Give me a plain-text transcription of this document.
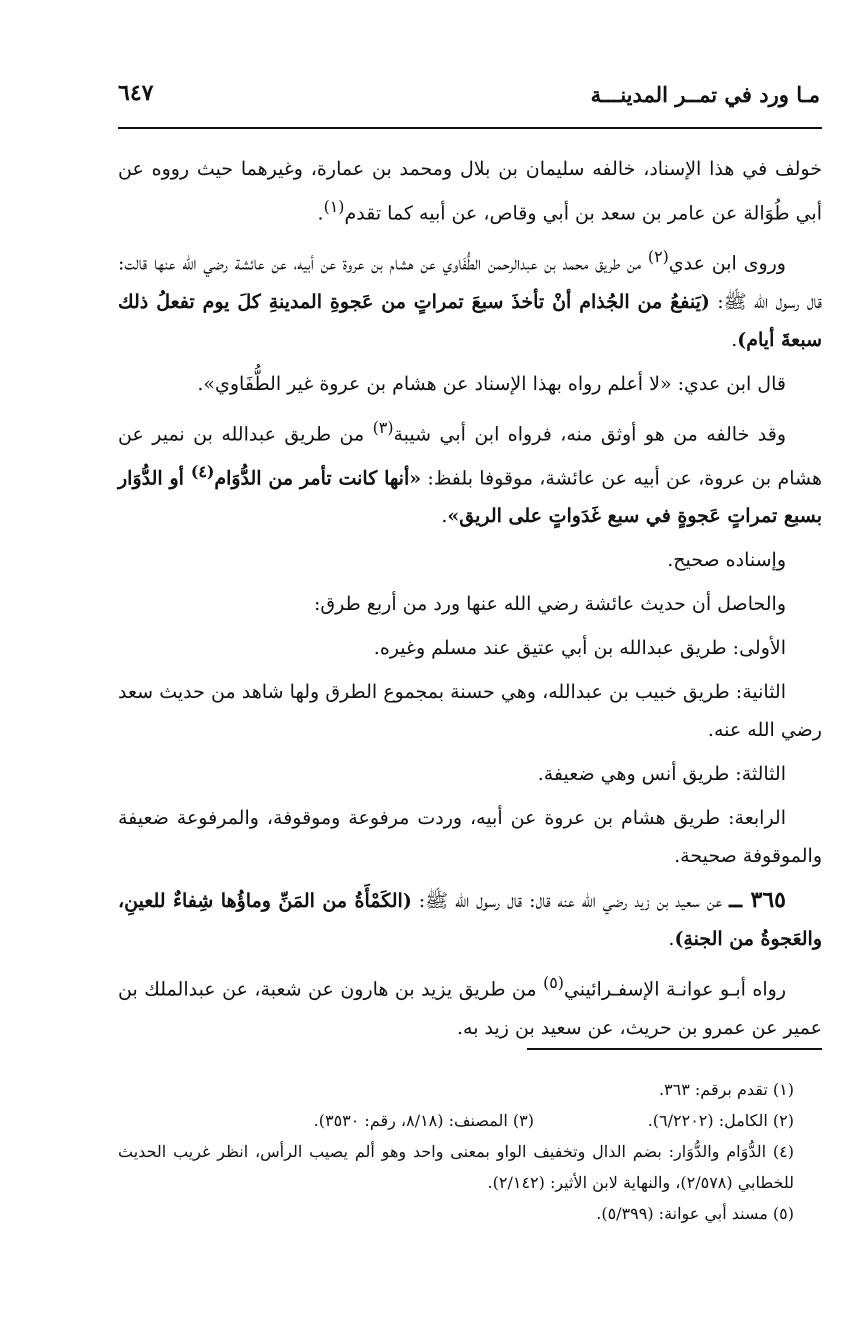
مـا ورد في تمــر المدينـــة
٦٤٧

خولف في هذا الإسناد، خالفه سليمان بن بلال ومحمد بن عمارة، وغيرهما حيث رووه عن أبي طُوَالة عن عامر بن سعد بن أبي وقاص، عن أبيه كما تقدم$^{(١)}$.

وروى ابن عدي$^{(٢)}$ من طريق محمد بن عبدالرحمن الطُّفَاوي عن هشام بن عروة عن أبيه، عن عائشة رضي الله عنها قالت: قال رسول الله ﷺ: (يَنفعُ من الجُذام أنْ تأخذَ سبعَ تمراتٍ من عَجوةِ المدينةِ كلَ يوم تفعلُ ذلك سبعةَ أيام).

قال ابن عدي: «لا أعلم رواه بهذا الإسناد عن هشام بن عروة غير الطُّفَاوي».

وقد خالفه من هو أوثق منه، فرواه ابن أبي شيبة$^{(٣)}$ من طريق عبدالله بن نمير عن هشام بن عروة، عن أبيه عن عائشة، موقوفا بلفظ: «أنها كانت تأمر من الدُّوَام$^{(٤)}$ أو الدُّوَار بسبع تمراتٍ عَجوةٍ في سبع غَدَواتٍ على الريق».

وإسناده صحيح.

والحاصل أن حديث عائشة رضي الله عنها ورد من أربع طرق:

الأولى: طريق عبدالله بن أبي عتيق عند مسلم وغيره.

الثانية: طريق خبيب بن عبدالله، وهي حسنة بمجموع الطرق ولها شاهد من حديث سعد رضي الله عنه.

الثالثة: طريق أنس وهي ضعيفة.

الرابعة: طريق هشام بن عروة عن أبيه، وردت مرفوعة وموقوفة، والمرفوعة ضعيفة والموقوفة صحيحة.

٣٦٥ ــ عن سعيد بن زيد رضي الله عنه قال: قال رسول الله ﷺ: (الكَمْأَةُ من المَنِّ وماؤُها شِفاءٌ للعينِ، والعَجوةُ من الجنةِ).

رواه أبـو عوانـة الإسفـرائيني$^{(٥)}$ من طريق يزيد بن هارون عن شعبة، عن عبدالملك بن عمير عن عمرو بن حريث، عن سعيد بن زيد به.

(١) تقدم برقم: ٣٦٣.

(٢) الكامل: (٦/٢٢٠٢).
(٣) المصنف: (٨/١٨، رقم: ٣٥٣٠).

(٤) الدُّوَام والدُّوَار: بضم الدال وتخفيف الواو بمعنى واحد وهو ألم يصيب الرأس، انظر غريب الحديث للخطابي (٢/٥٧٨)، والنهاية لابن الأثير: (٢/١٤٢).

(٥) مسند أبي عوانة: (٥/٣٩٩).
